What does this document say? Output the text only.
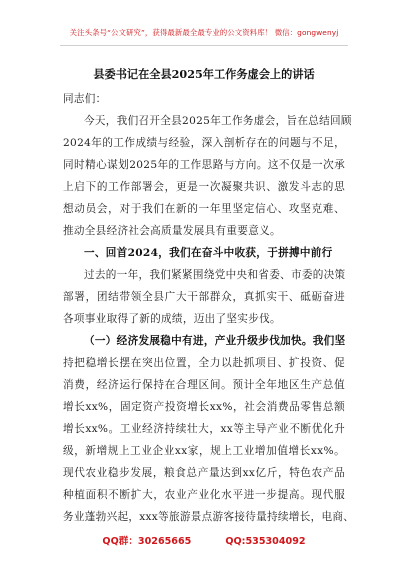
关注头条号“公文研究”，获得最新最全最专业的公文资料库！ 微信：gongwenyj
县委书记在全县2025年工作务虚会上的讲话
同志们：
今天，我们召开全县2025年工作务虚会，旨在总结回顾
2024年的工作成绩与经验，深入剖析存在的问题与不足，
同时精心谋划2025年的工作思路与方向。这不仅是一次承
上启下的工作部署会，更是一次凝聚共识、激发斗志的思
想动员会，对于我们在新的一年里坚定信心、攻坚克难、
推动全县经济社会高质量发展具有重要意义。
一、回首2024，我们在奋斗中收获，于拼搏中前行
过去的一年，我们紧紧围绕党中央和省委、市委的决策
部署，团结带领全县广大干部群众，真抓实干、砥砺奋进
各项事业取得了新的成绩，迈出了坚实步伐。
（一）经济发展稳中有进，产业升级步伐加快。我们坚
持把稳增长摆在突出位置，全力以赴抓项目、扩投资、促
消费，经济运行保持在合理区间。预计全年地区生产总值
增长xx%，固定资产投资增长xx%，社会消费品零售总额
增长xx%。工业经济持续壮大，xx等主导产业不断优化升
级，新增规上工业企业xx家，规上工业增加值增长xx%。
现代农业稳步发展，粮食总产量达到xx亿斤，特色农产品
种植面积不断扩大，农业产业化水平进一步提高。现代服
务业蓬勃兴起，xxx等旅游景点游客接待量持续增长，电商、
QQ群：30265665	QQ:535304092
